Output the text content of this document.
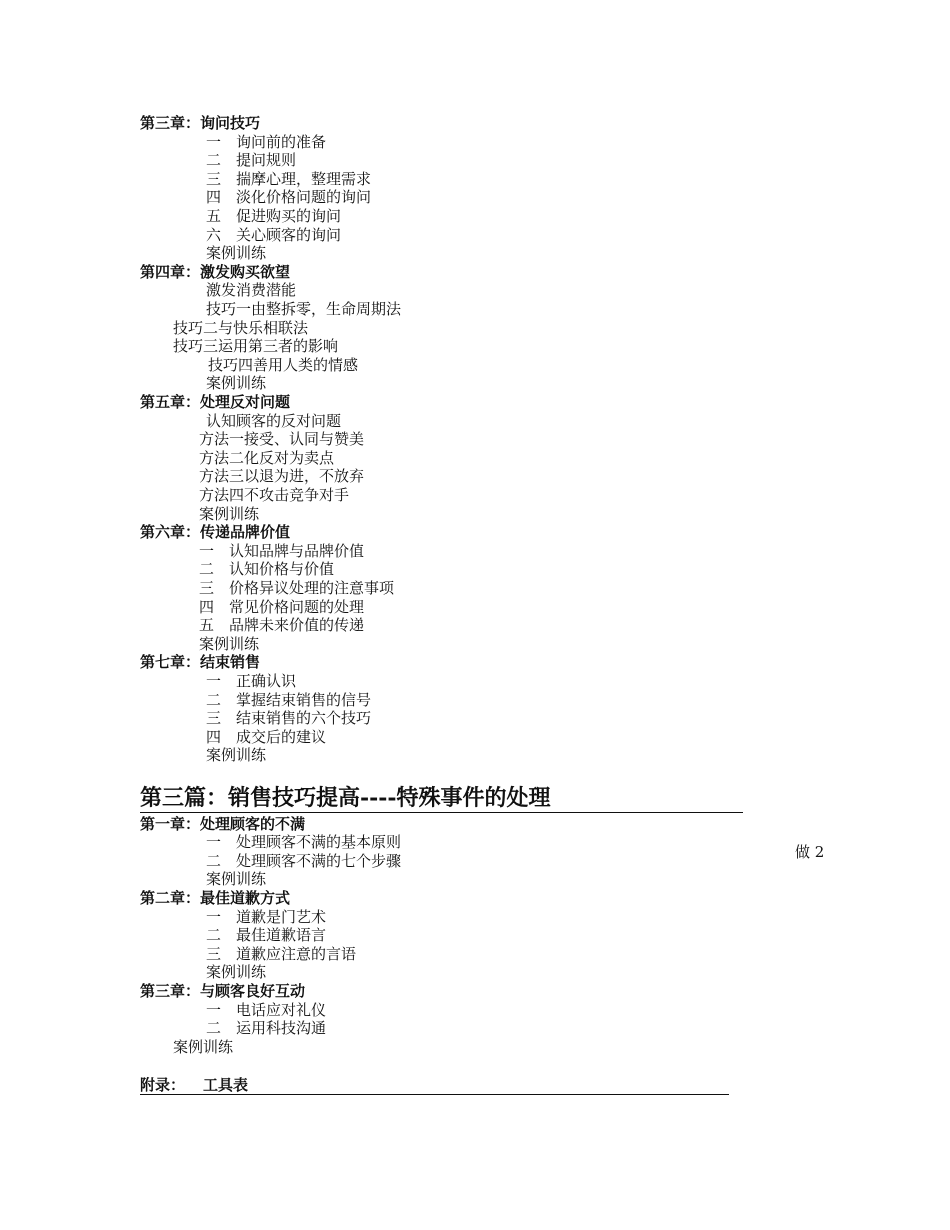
第三章：询问技巧
一　询问前的准备
二　提问规则
三　揣摩心理，整理需求
四　淡化价格问题的询问
五　促进购买的询问
六　关心顾客的询问
案例训练
第四章：激发购买欲望
激发消费潜能
技巧一由整拆零，生命周期法
技巧二与快乐相联法
技巧三运用第三者的影响
技巧四善用人类的情感
案例训练
第五章：处理反对问题
认知顾客的反对问题
方法一接受、认同与赞美
方法二化反对为卖点
方法三以退为进，不放弃
方法四不攻击竞争对手
案例训练
第六章：传递品牌价值
一　认知品牌与品牌价值
二　认知价格与价值
三　价格异议处理的注意事项
四　常见价格问题的处理
五　品牌未来价值的传递
案例训练
第七章：结束销售
一　正确认识
二　掌握结束销售的信号
三　结束销售的六个技巧
四　成交后的建议
案例训练
第三篇：销售技巧提高----特殊事件的处理
第一章：处理顾客的不满
一　处理顾客不满的基本原则
二　处理顾客不满的七个步骤
案例训练
第二章：最佳道歉方式
一　道歉是门艺术
二　最佳道歉语言
三　道歉应注意的言语
案例训练
第三章：与顾客良好互动
一　电话应对礼仪
二　运用科技沟通
案例训练
做 2
附录： 工具表
